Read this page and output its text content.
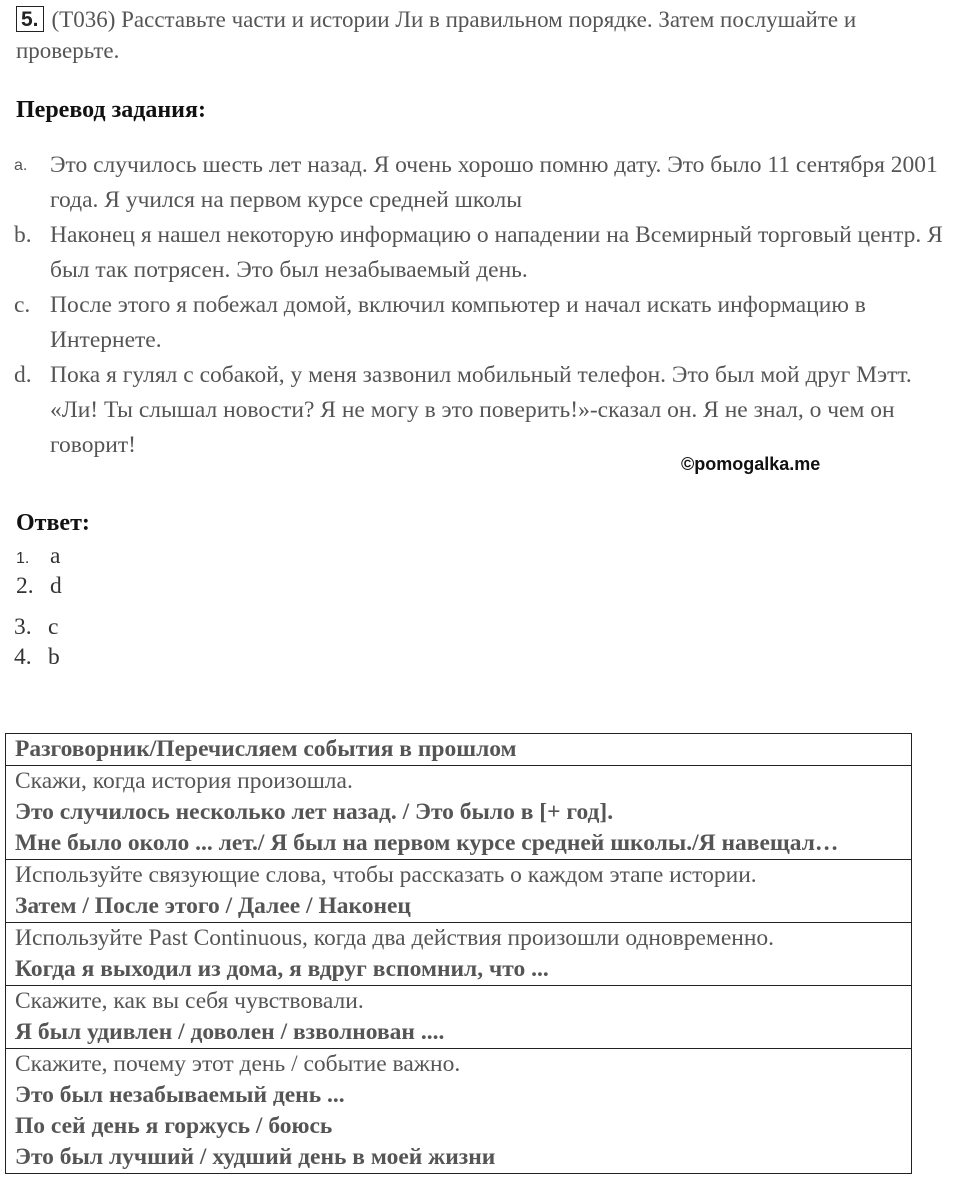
5. (T036) Расставьте части и истории Ли в правильном порядке. Затем послушайте и проверьте.
Перевод задания:
a. Это случилось шесть лет назад. Я очень хорошо помню дату. Это было 11 сентября 2001 года. Я учился на первом курсе средней школы
b. Наконец я нашел некоторую информацию о нападении на Всемирный торговый центр. Я был так потрясен. Это был незабываемый день.
c. После этого я побежал домой, включил компьютер и начал искать информацию в Интернете.
d. Пока я гулял с собакой, у меня зазвонил мобильный телефон. Это был мой друг Мэтт. «Ли! Ты слышал новости? Я не могу в это поверить!»-сказал он. Я не знал, о чем он говорит!
©pomogalka.me
Ответ:
1. a
2. d
3. c
4. b
Разговорник/Перечисляем события в прошлом
Скажи, когда история произошла.
Это случилось несколько лет назад. / Это было в [+ год].
Мне было около ... лет./ Я был на первом курсе средней школы./Я навещал…
Используйте связующие слова, чтобы рассказать о каждом этапе истории.
Затем / После этого / Далее / Наконец
Используйте Past Continuous, когда два действия произошли одновременно.
Когда я выходил из дома, я вдруг вспомнил, что ...
Скажите, как вы себя чувствовали.
Я был удивлен / доволен / взволнован ....
Скажите, почему этот день / событие важно.
Это был незабываемый день ...
По сей день я горжусь / боюсь
Это был лучший / худший день в моей жизни
